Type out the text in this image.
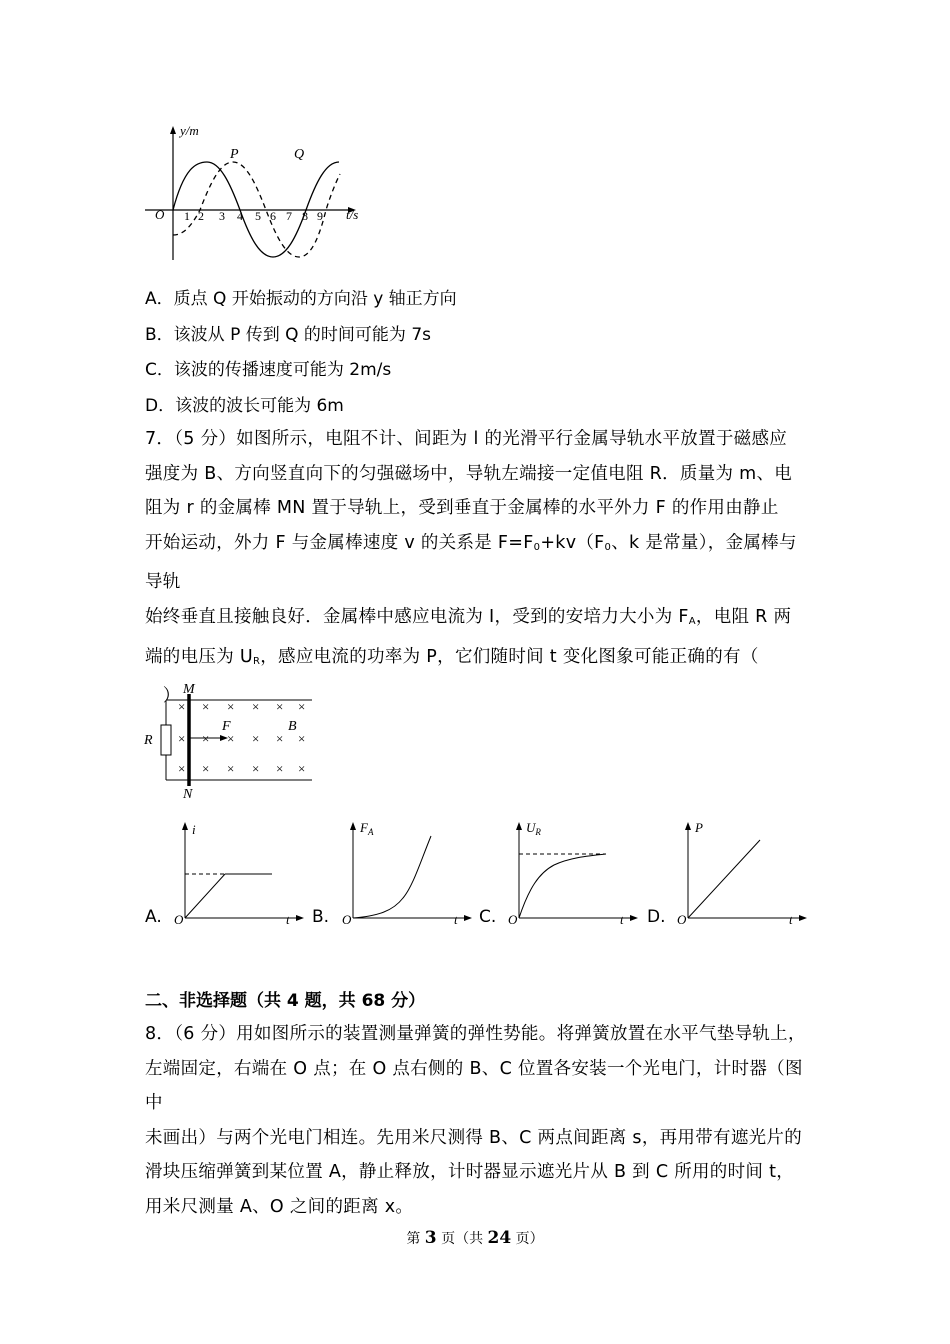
y/m
t/s
O 1 2 3 4 5 6 7 8 9
P	Q
A．质点 Q 开始振动的方向沿 y 轴正方向
B．该波从 P 传到 Q 的时间可能为 7s
C．该波的传播速度可能为 2m/s
D．该波的波长可能为 6m
7．（5 分）如图所示，电阻不计、间距为 l 的光滑平行金属导轨水平放置于磁感应
强度为 B、方向竖直向下的匀强磁场中，导轨左端接一定值电阻 R．质量为 m、电
阻为 r 的金属棒 MN 置于导轨上，受到垂直于金属棒的水平外力 F 的作用由静止
开始运动，外力 F 与金属棒速度 v 的关系是 $F=F_0+kv(F_0$、k 是常量），金属棒与导轨
始终垂直且接触良好．金属棒中感应电流为 I，受到的安培力大小为 $F_A$，电阻 R 两
端的电压为 $U_R$，感应电流的功率为 P，它们随时间 t 变化图象可能正确的有（
　）
× × × × × ×
× × × × × ×
× × × × × ×
M
N
R
F	B
A.
i
O	t B.
$F_A$
O	t C.
$U_R$
O	t D.
P
O	t
二、非选择题（共 4 题，共 68 分）
8．（6 分）用如图所示的装置测量弹簧的弹性势能。将弹簧放置在水平气垫导轨上，
左端固定，右端在 O 点；在 O 点右侧的 B、C 位置各安装一个光电门，计时器（图中
未画出）与两个光电门相连。先用米尺测得 B、C 两点间距离 s，再用带有遮光片的
滑块压缩弹簧到某位置 A，静止释放，计时器显示遮光片从 B 到 C 所用的时间 t，
用米尺测量 A、O 之间的距离 x。
第 3 页（共 24 页）
